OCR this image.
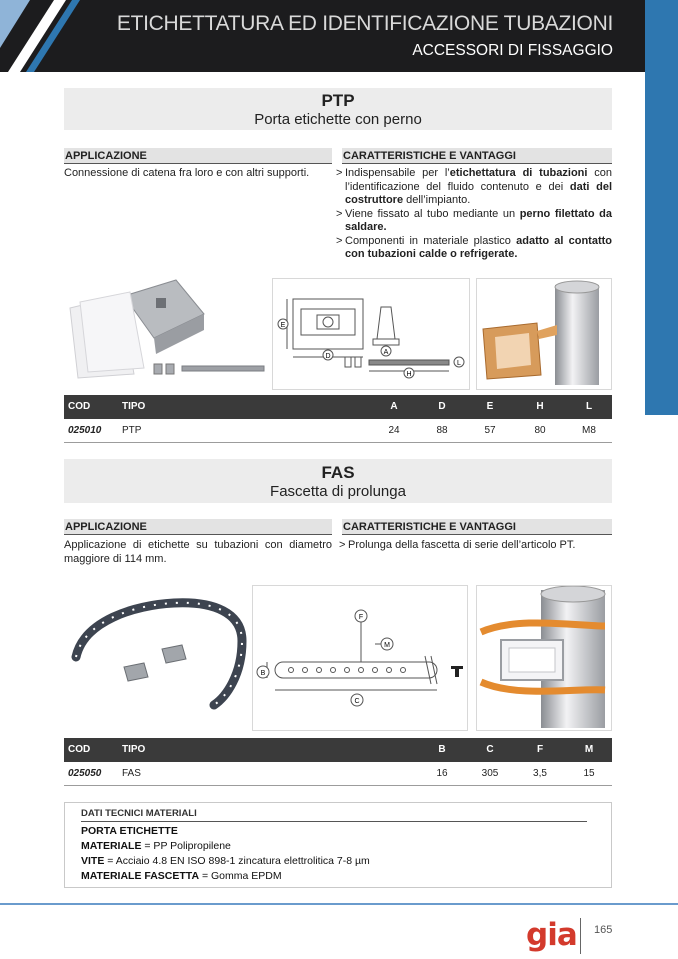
ETICHETTATURA ED IDENTIFICAZIONE TUBAZIONI
ACCESSORI DI FISSAGGIO
PTP
Porta etichette con perno
APPLICAZIONE
Connessione di catena fra loro e con altri supporti.
CARATTERISTICHE E VANTAGGI
> Indispensabile per l’etichettatura di tubazioni con l’identificazione del fluido contenuto e dei dati del costruttore dell’impianto.
> Viene fissato al tubo mediante un perno filettato da saldare.
> Componenti in materiale plastico adatto al contatto con tubazioni calde o refrigerate.
D
E
A
H
L
COD	TIPO	A	D	E	H	L
025010 PTP	24	88	57	80	M8
FAS
Fascetta di prolunga
APPLICAZIONE
Applicazione di etichette su tubazioni con diametro maggiore di 114 mm.
CARATTERISTICHE E VANTAGGI
> Prolunga della fascetta di serie dell’articolo PT.
C
B
F
M
COD	TIPO	B	C	F	M
025050 FAS	16	305	3,5	15
DATI TECNICI MATERIALI
PORTA ETICHETTE
MATERIALE = PP Polipropilene
VITE = Acciaio 4.8 EN ISO 898-1 zincatura elettrolitica 7-8 µm
MATERIALE FASCETTA = Gomma EPDM
gia 165
